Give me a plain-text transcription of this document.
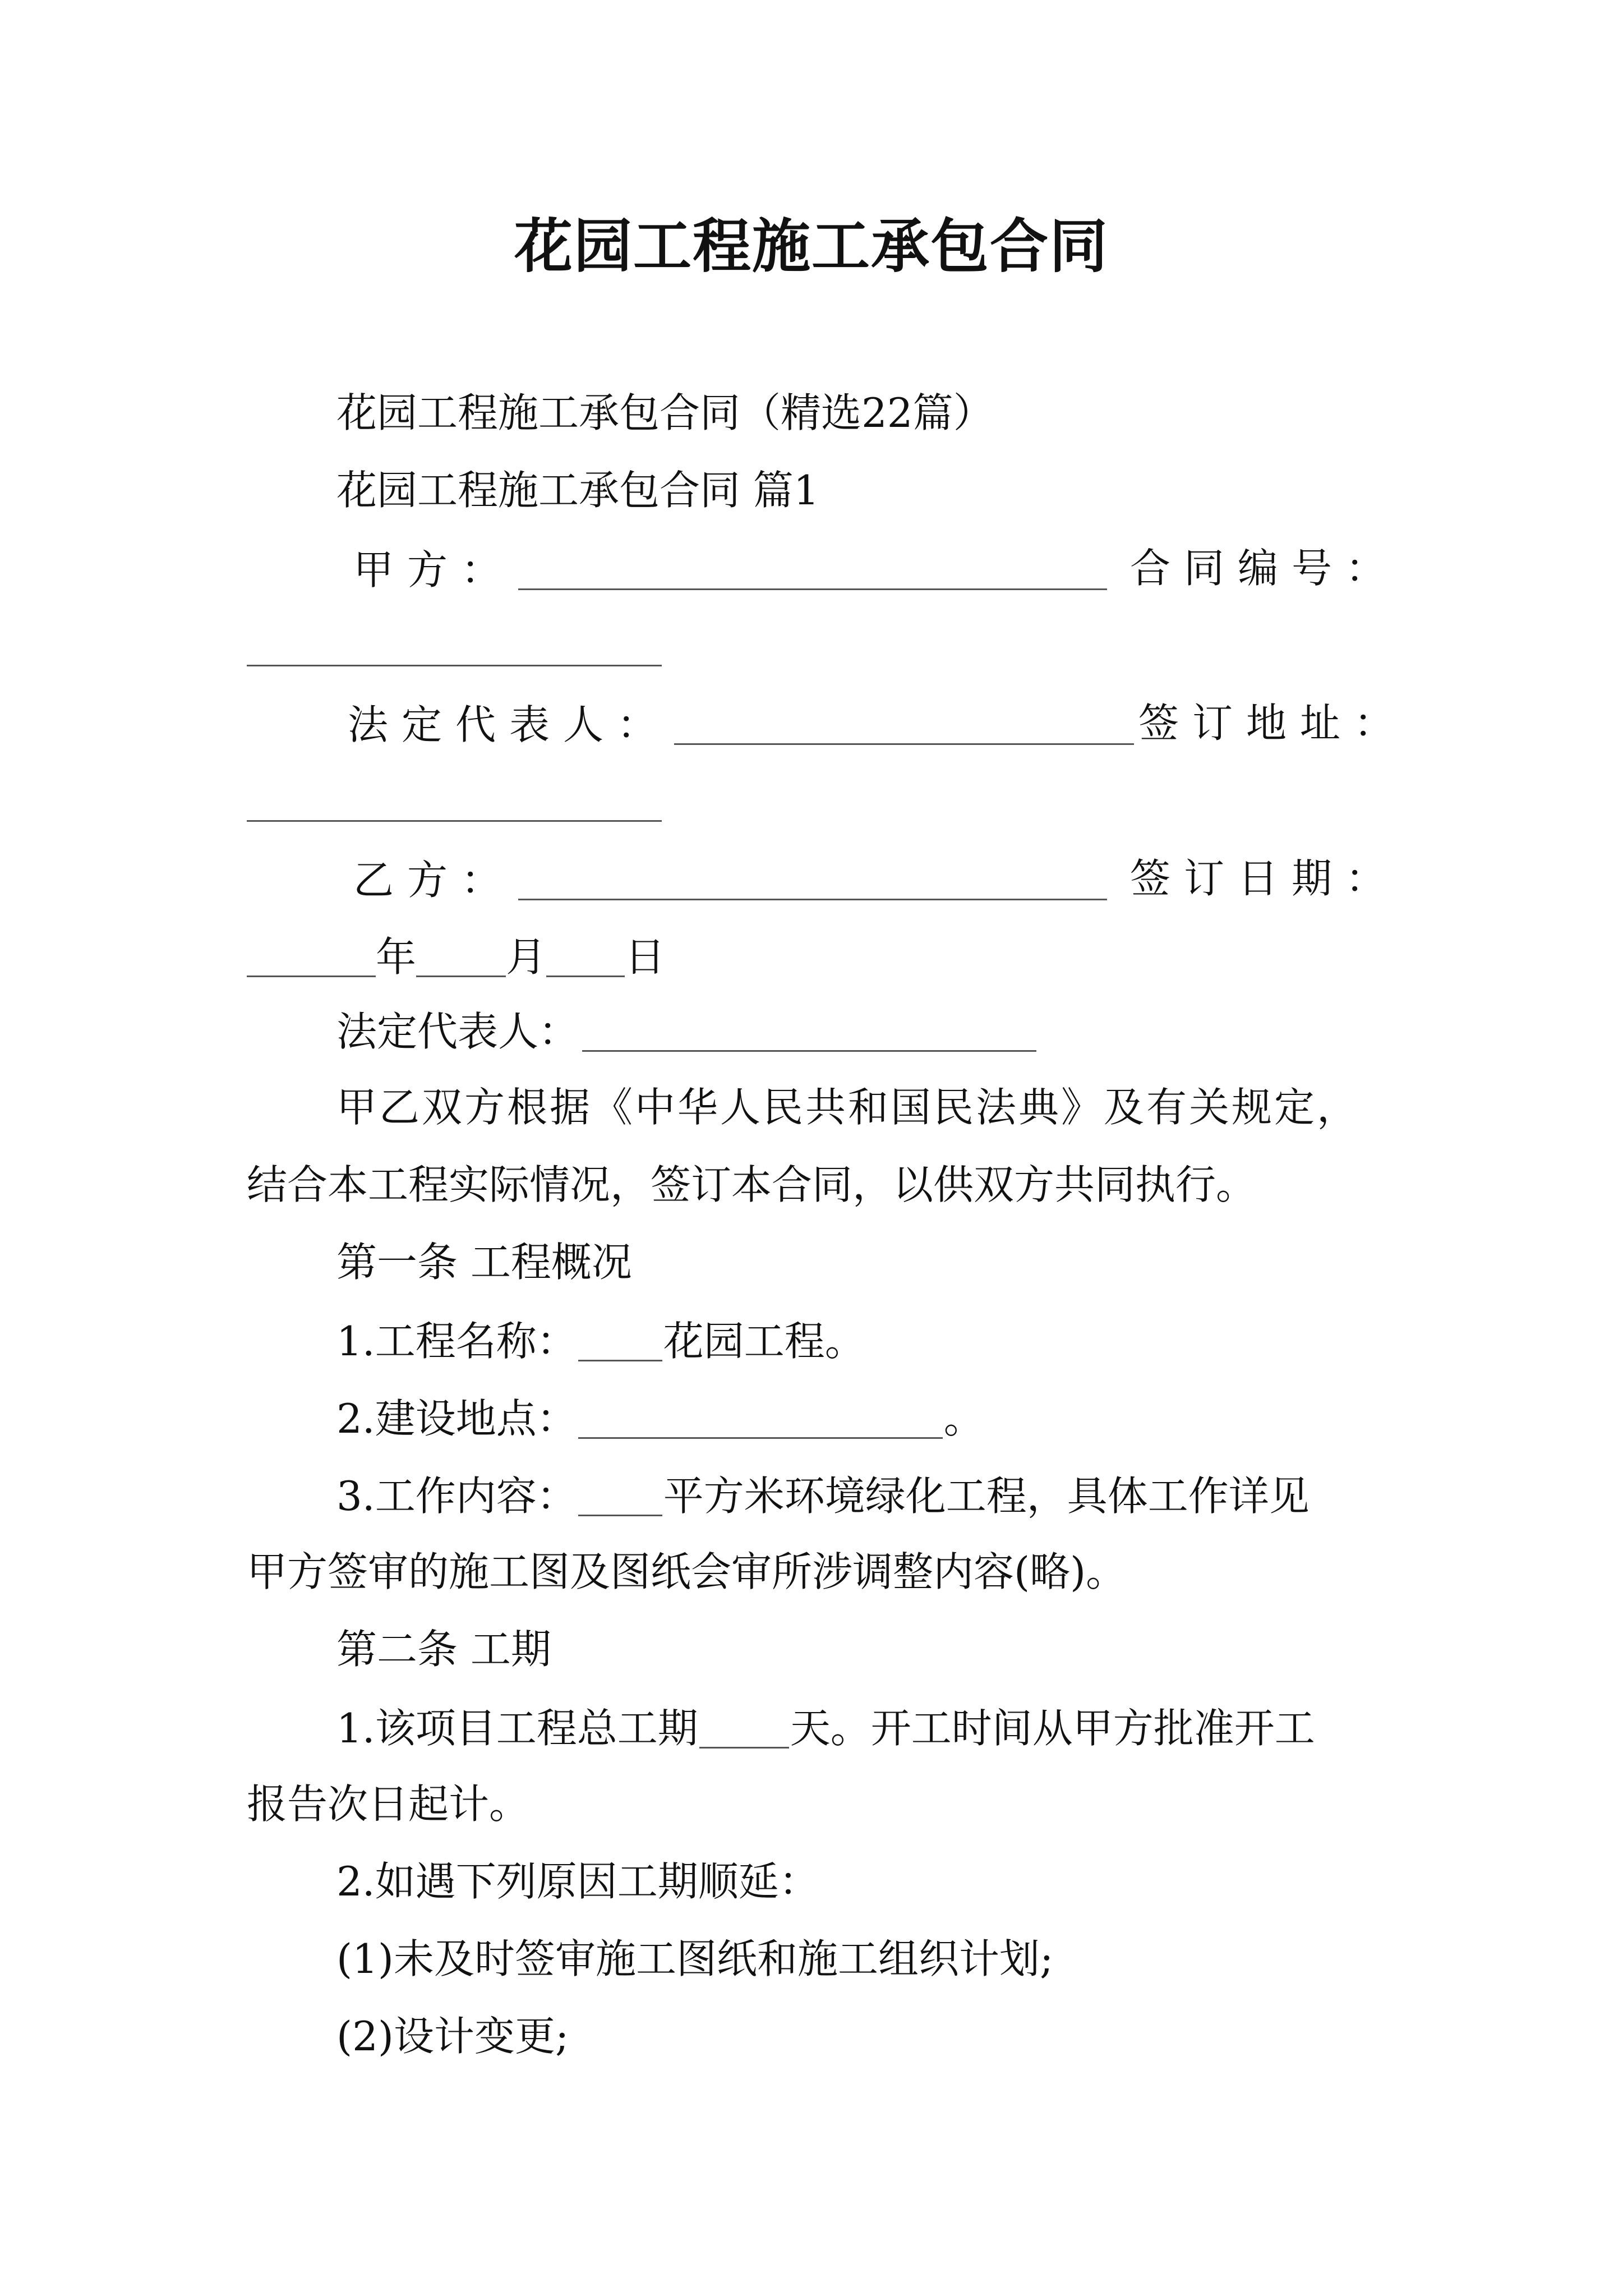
花园工程施工承包合同
花园工程施工承包合同（精选22篇）
花园工程施工承包合同 篇1
甲方：	合同编号：
法定代表人：	签订地址：
乙方：	签订日期：
年 月 日
法定代表人：
甲乙双方根据《中华人民共和国民法典》及有关规定，
结合本工程实际情况，签订本合同，以供双方共同执行。
第一条 工程概况
1.工程名称： 花园工程。
2.建设地点：	。
3.工作内容： 平方米环境绿化工程，具体工作详见
甲方签审的施工图及图纸会审所涉调整内容(略)。
第二条 工期
1.该项目工程总工期 天。开工时间从甲方批准开工
报告次日起计。
2.如遇下列原因工期顺延：
(1)未及时签审施工图纸和施工组织计划;
(2)设计变更;
